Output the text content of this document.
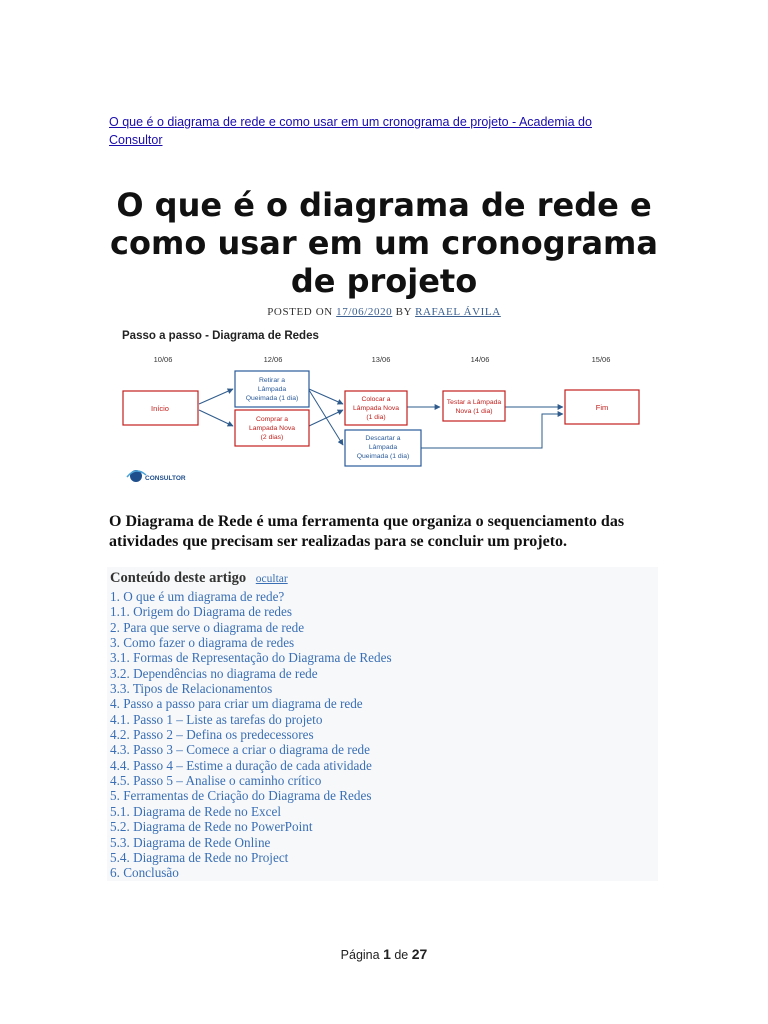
O que é o diagrama de rede e como usar em um cronograma de projeto - Academia do
Consultor
O que é o diagrama de rede e como usar em um cronograma de projeto
POSTED ON 17/06/2020 BY RAFAEL ÁVILA
Passo a passo - Diagrama de Redes
10/06	12/06	13/06	14/06	15/06
Início
Retirar a
Lâmpada
Queimada (1 dia)
Comprar a
Lampada Nova
(2 dias)
Colocar a
Lâmpada Nova
(1 dia)
Descartar a
Lâmpada
Queimada (1 dia)
Testar a Lâmpada
Nova (1 dia)	Fim
CONSULTOR

O Diagrama de Rede é uma ferramenta que organiza o sequenciamento das atividades que precisam ser realizadas para se concluir um projeto.

Conteúdo deste artigo ocultar
1. O que é um diagrama de rede?
1.1. Origem do Diagrama de redes
2. Para que serve o diagrama de rede
3. Como fazer o diagrama de redes
3.1. Formas de Representação do Diagrama de Redes
3.2. Dependências no diagrama de rede
3.3. Tipos de Relacionamentos
4. Passo a passo para criar um diagrama de rede
4.1. Passo 1 – Liste as tarefas do projeto
4.2. Passo 2 – Defina os predecessores
4.3. Passo 3 – Comece a criar o diagrama de rede
4.4. Passo 4 – Estime a duração de cada atividade
4.5. Passo 5 – Analise o caminho crítico
5. Ferramentas de Criação do Diagrama de Redes
5.1. Diagrama de Rede no Excel
5.2. Diagrama de Rede no PowerPoint
5.3. Diagrama de Rede Online
5.4. Diagrama de Rede no Project
6. Conclusão
Página 1 de 27
